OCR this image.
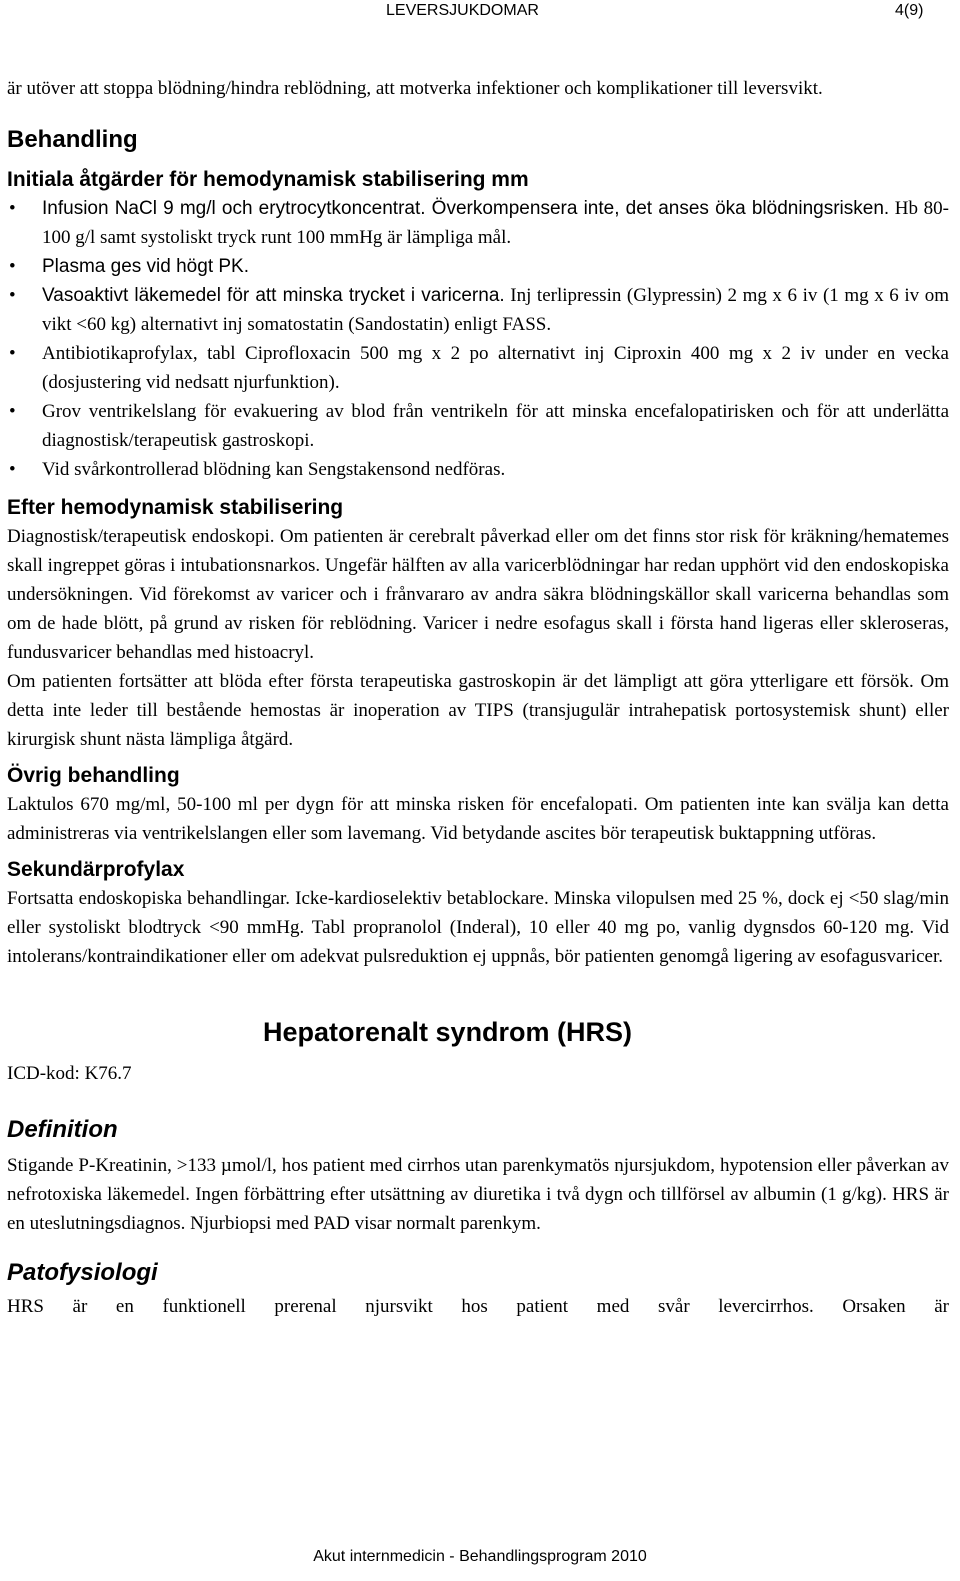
LEVERSJUKDOMAR	4(9)

är utöver att stoppa blödning/hindra reblödning, att motverka infektioner och komplikationer till leversvikt.

Behandling
Initiala åtgärder för hemodynamisk stabilisering mm
• Infusion NaCl 9 mg/l och erytrocytkoncentrat. Överkompensera inte, det anses öka blödningsrisken. Hb 80-100 g/l samt systoliskt tryck runt 100 mmHg är lämpliga mål.
• Plasma ges vid högt PK.
• Vasoaktivt läkemedel för att minska trycket i varicerna. Inj terlipressin (Glypressin) 2 mg x 6 iv (1 mg x 6 iv om vikt <60 kg) alternativt inj somatostatin (Sandostatin) enligt FASS.
• Antibiotikaprofylax, tabl Ciprofloxacin 500 mg x 2 po alternativt inj Ciproxin 400 mg x 2 iv under en vecka (dosjustering vid nedsatt njurfunktion).
• Grov ventrikelslang för evakuering av blod från ventrikeln för att minska encefalopatirisken och för att underlätta diagnostisk/terapeutisk gastroskopi.
• Vid svårkontrollerad blödning kan Sengstakensond nedföras.
Efter hemodynamisk stabilisering

Diagnostisk/terapeutisk endoskopi. Om patienten är cerebralt påverkad eller om det finns stor risk för kräkning/hematemes skall ingreppet göras i intubationsnarkos. Ungefär hälften av alla varicerblödningar har redan upphört vid den endoskopiska undersökningen. Vid förekomst av varicer och i frånvararo av andra säkra blödningskällor skall varicerna behandlas som om de hade blött, på grund av risken för reblödning. Varicer i nedre esofagus skall i första hand ligeras eller skleroseras, fundusvaricer behandlas med histoacryl.

Om patienten fortsätter att blöda efter första terapeutiska gastroskopin är det lämpligt att göra ytterligare ett försök. Om detta inte leder till bestående hemostas är inoperation av TIPS (transjugulär intrahepatisk portosystemisk shunt) eller kirurgisk shunt nästa lämpliga åtgärd.

Övrig behandling

Laktulos 670 mg/ml, 50-100 ml per dygn för att minska risken för encefalopati. Om patienten inte kan svälja kan detta administreras via ventrikelslangen eller som lavemang. Vid betydande ascites bör terapeutisk buktappning utföras.

Sekundärprofylax

Fortsatta endoskopiska behandlingar. Icke-kardioselektiv betablockare. Minska vilopulsen med 25 %, dock ej <50 slag/min eller systoliskt blodtryck <90 mmHg. Tabl propranolol (Inderal), 10 eller 40 mg po, vanlig dygnsdos 60-120 mg. Vid intolerans/kontraindikationer eller om adekvat pulsreduktion ej uppnås, bör patienten genomgå ligering av esofagusvaricer.

Hepatorenalt syndrom (HRS)
ICD-kod: K76.7
Definition

Stigande P-Kreatinin, >133 µmol/l, hos patient med cirrhos utan parenkymatös njursjukdom, hypotension eller påverkan av nefrotoxiska läkemedel. Ingen förbättring efter utsättning av diuretika i två dygn och tillförsel av albumin (1 g/kg). HRS är en uteslutningsdiagnos. Njurbiopsi med PAD visar normalt parenkym.

Patofysiologi

HRS är en funktionell prerenal njursvikt hos patient med svår levercirrhos. Orsaken är

Akut internmedicin - Behandlingsprogram 2010
